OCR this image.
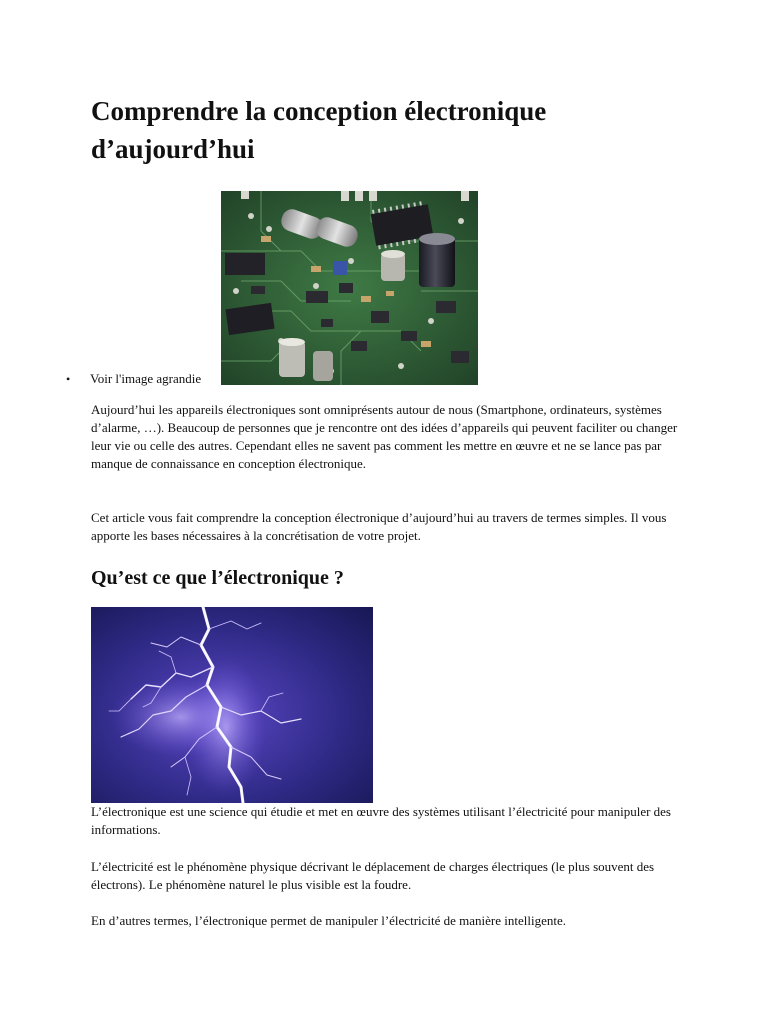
Comprendre la conception électronique d’aujourd’hui
• Voir l'image agrandie

Aujourd’hui les appareils électroniques sont omniprésents autour de nous (Smartphone, ordinateurs, systèmes d’alarme, …). Beaucoup de personnes que je rencontre ont des idées d’appareils qui peuvent faciliter ou changer leur vie ou celle des autres. Cependant elles ne savent pas comment les mettre en œuvre et ne se lance pas par manque de connaissance en conception électronique.

Cet article vous fait comprendre la conception électronique d’aujourd’hui au travers de termes simples. Il vous apporte les bases nécessaires à la concrétisation de votre projet.

Qu’est ce que l’électronique ?

L’électronique est une science qui étudie et met en œuvre des systèmes utilisant l’électricité pour manipuler des informations.

L’électricité est le phénomène physique décrivant le déplacement de charges électriques (le plus souvent des électrons). Le phénomène naturel le plus visible est la foudre.

En d’autres termes, l’électronique permet de manipuler l’électricité de manière intelligente.
